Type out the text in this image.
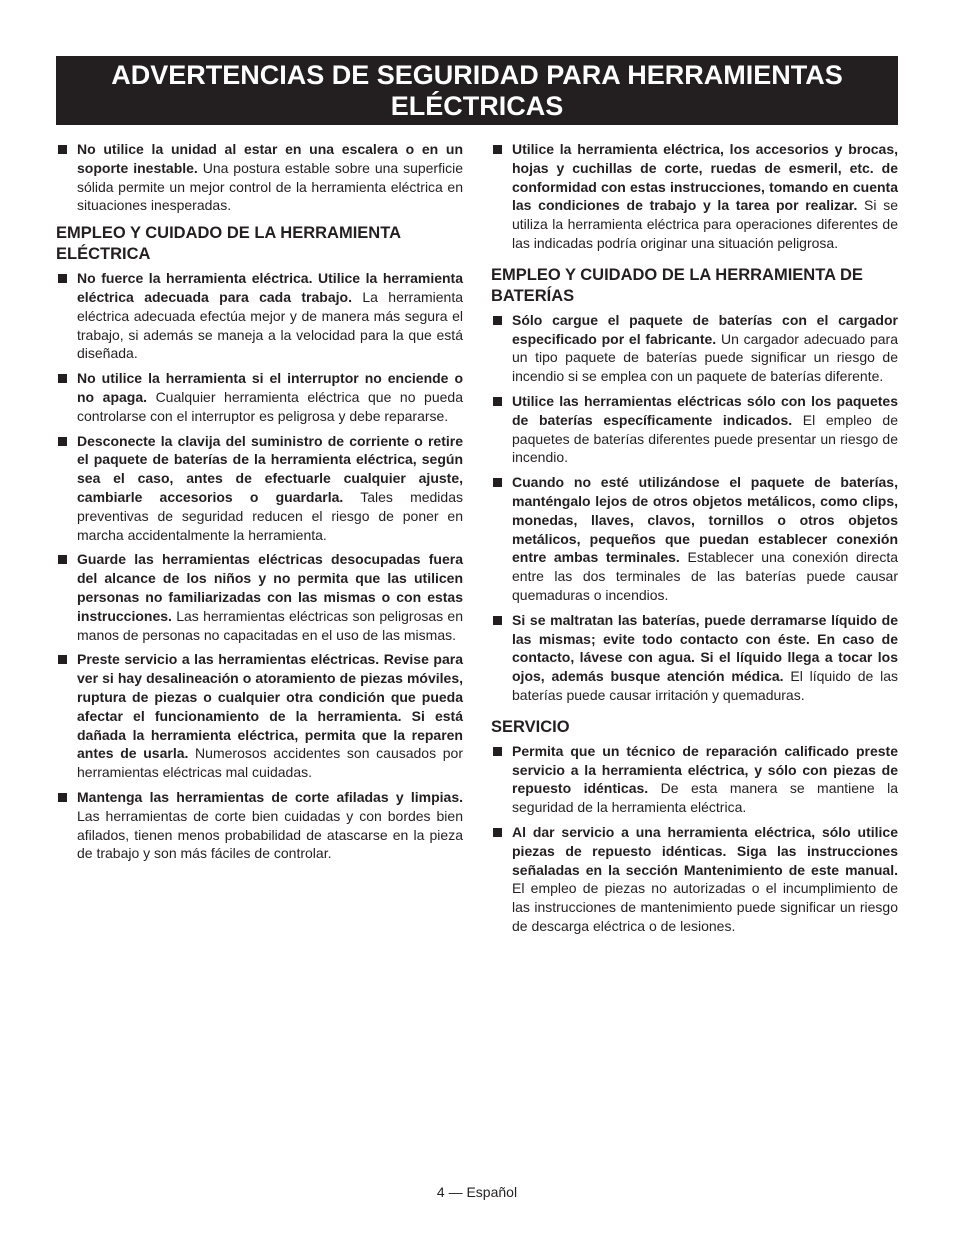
ADVERTENCIAS DE SEGURIDAD PARA HERRAMIENTAS ELÉCTRICAS

No utilice la unidad al estar en una escalera o en un soporte inestable. Una postura estable sobre una superficie sólida permite un mejor control de la herramienta eléctrica en situaciones inesperadas.

EMPLEO Y CUIDADO DE LA HERRAMIENTA ELÉCTRICA

No fuerce la herramienta eléctrica. Utilice la herramienta eléctrica adecuada para cada trabajo. La herramienta eléctrica adecuada efectúa mejor y de manera más segura el trabajo, si además se maneja a la velocidad para la que está diseñada.

No utilice la herramienta si el interruptor no enciende o no apaga. Cualquier herramienta eléctrica que no pueda controlarse con el interruptor es peligrosa y debe repararse.

Desconecte la clavija del suministro de corriente o retire el paquete de baterías de la herramienta eléctrica, según sea el caso, antes de efectuarle cualquier ajuste, cambiarle accesorios o guardarla. Tales medidas preventivas de seguridad reducen el riesgo de poner en marcha accidentalmente la herramienta.

Guarde las herramientas eléctricas desocupadas fuera del alcance de los niños y no permita que las utilicen personas no familiarizadas con las mismas o con estas instrucciones. Las herramientas eléctricas son peligrosas en manos de personas no capacitadas en el uso de las mismas.

Preste servicio a las herramientas eléctricas. Revise para ver si hay desalineación o atoramiento de piezas móviles, ruptura de piezas o cualquier otra condición que pueda afectar el funcionamiento de la herramienta. Si está dañada la herramienta eléctrica, permita que la reparen antes de usarla. Numerosos accidentes son causados por herramientas eléctricas mal cuidadas.

Mantenga las herramientas de corte afiladas y limpias. Las herramientas de corte bien cuidadas y con bordes bien afilados, tienen menos probabilidad de atascarse en la pieza de trabajo y son más fáciles de controlar.

Utilice la herramienta eléctrica, los accesorios y brocas, hojas y cuchillas de corte, ruedas de esmeril, etc. de conformidad con estas instrucciones, tomando en cuenta las condiciones de trabajo y la tarea por realizar. Si se utiliza la herramienta eléctrica para operaciones diferentes de las indicadas podría originar una situación peligrosa.

EMPLEO Y CUIDADO DE LA HERRAMIENTA DE BATERÍAS

Sólo cargue el paquete de baterías con el cargador especificado por el fabricante. Un cargador adecuado para un tipo paquete de baterías puede significar un riesgo de incendio si se emplea con un paquete de baterías diferente.

Utilice las herramientas eléctricas sólo con los paquetes de baterías específicamente indicados. El empleo de paquetes de baterías diferentes puede presentar un riesgo de incendio.

Cuando no esté utilizándose el paquete de baterías, manténgalo lejos de otros objetos metálicos, como clips, monedas, llaves, clavos, tornillos o otros objetos metálicos, pequeños que puedan establecer conexión entre ambas terminales. Establecer una conexión directa entre las dos terminales de las baterías puede causar quemaduras o incendios.

Si se maltratan las baterías, puede derramarse líquido de las mismas; evite todo contacto con éste. En caso de contacto, lávese con agua. Si el líquido llega a tocar los ojos, además busque atención médica. El líquido de las baterías puede causar irritación y quemaduras.

SERVICIO

Permita que un técnico de reparación calificado preste servicio a la herramienta eléctrica, y sólo con piezas de repuesto idénticas. De esta manera se mantiene la seguridad de la herramienta eléctrica.

Al dar servicio a una herramienta eléctrica, sólo utilice piezas de repuesto idénticas. Siga las instrucciones señaladas en la sección Mantenimiento de este manual. El empleo de piezas no autorizadas o el incumplimiento de las instrucciones de mantenimiento puede significar un riesgo de descarga eléctrica o de lesiones.

4 — Español
